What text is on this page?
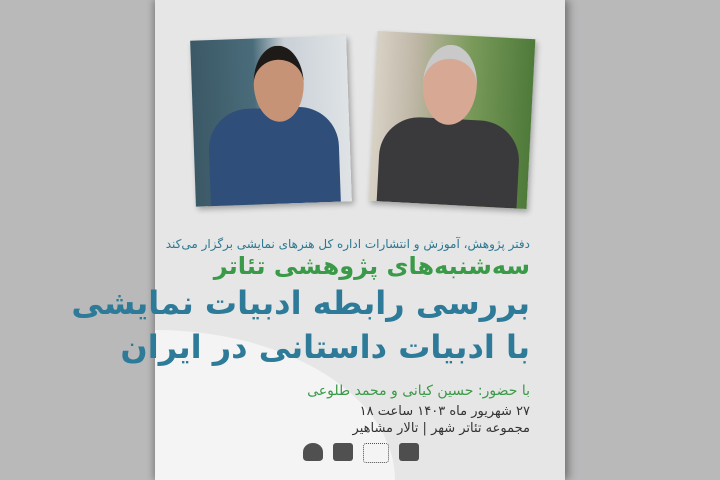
دفتر پژوهش، آموزش و انتشارات اداره کل هنرهای نمایشی برگزار می‌کند
سه‌شنبه‌های پژوهشی تئاتر
بررسی رابطه ادبیات نمایشی
با ادبیات داستانی در ایران
با حضور: حسین کیانی و محمد طلوعی
۲۷ شهریور ماه ۱۴۰۳ ساعت ۱۸
مجموعه تئاتر شهر | تالار مشاهیر
